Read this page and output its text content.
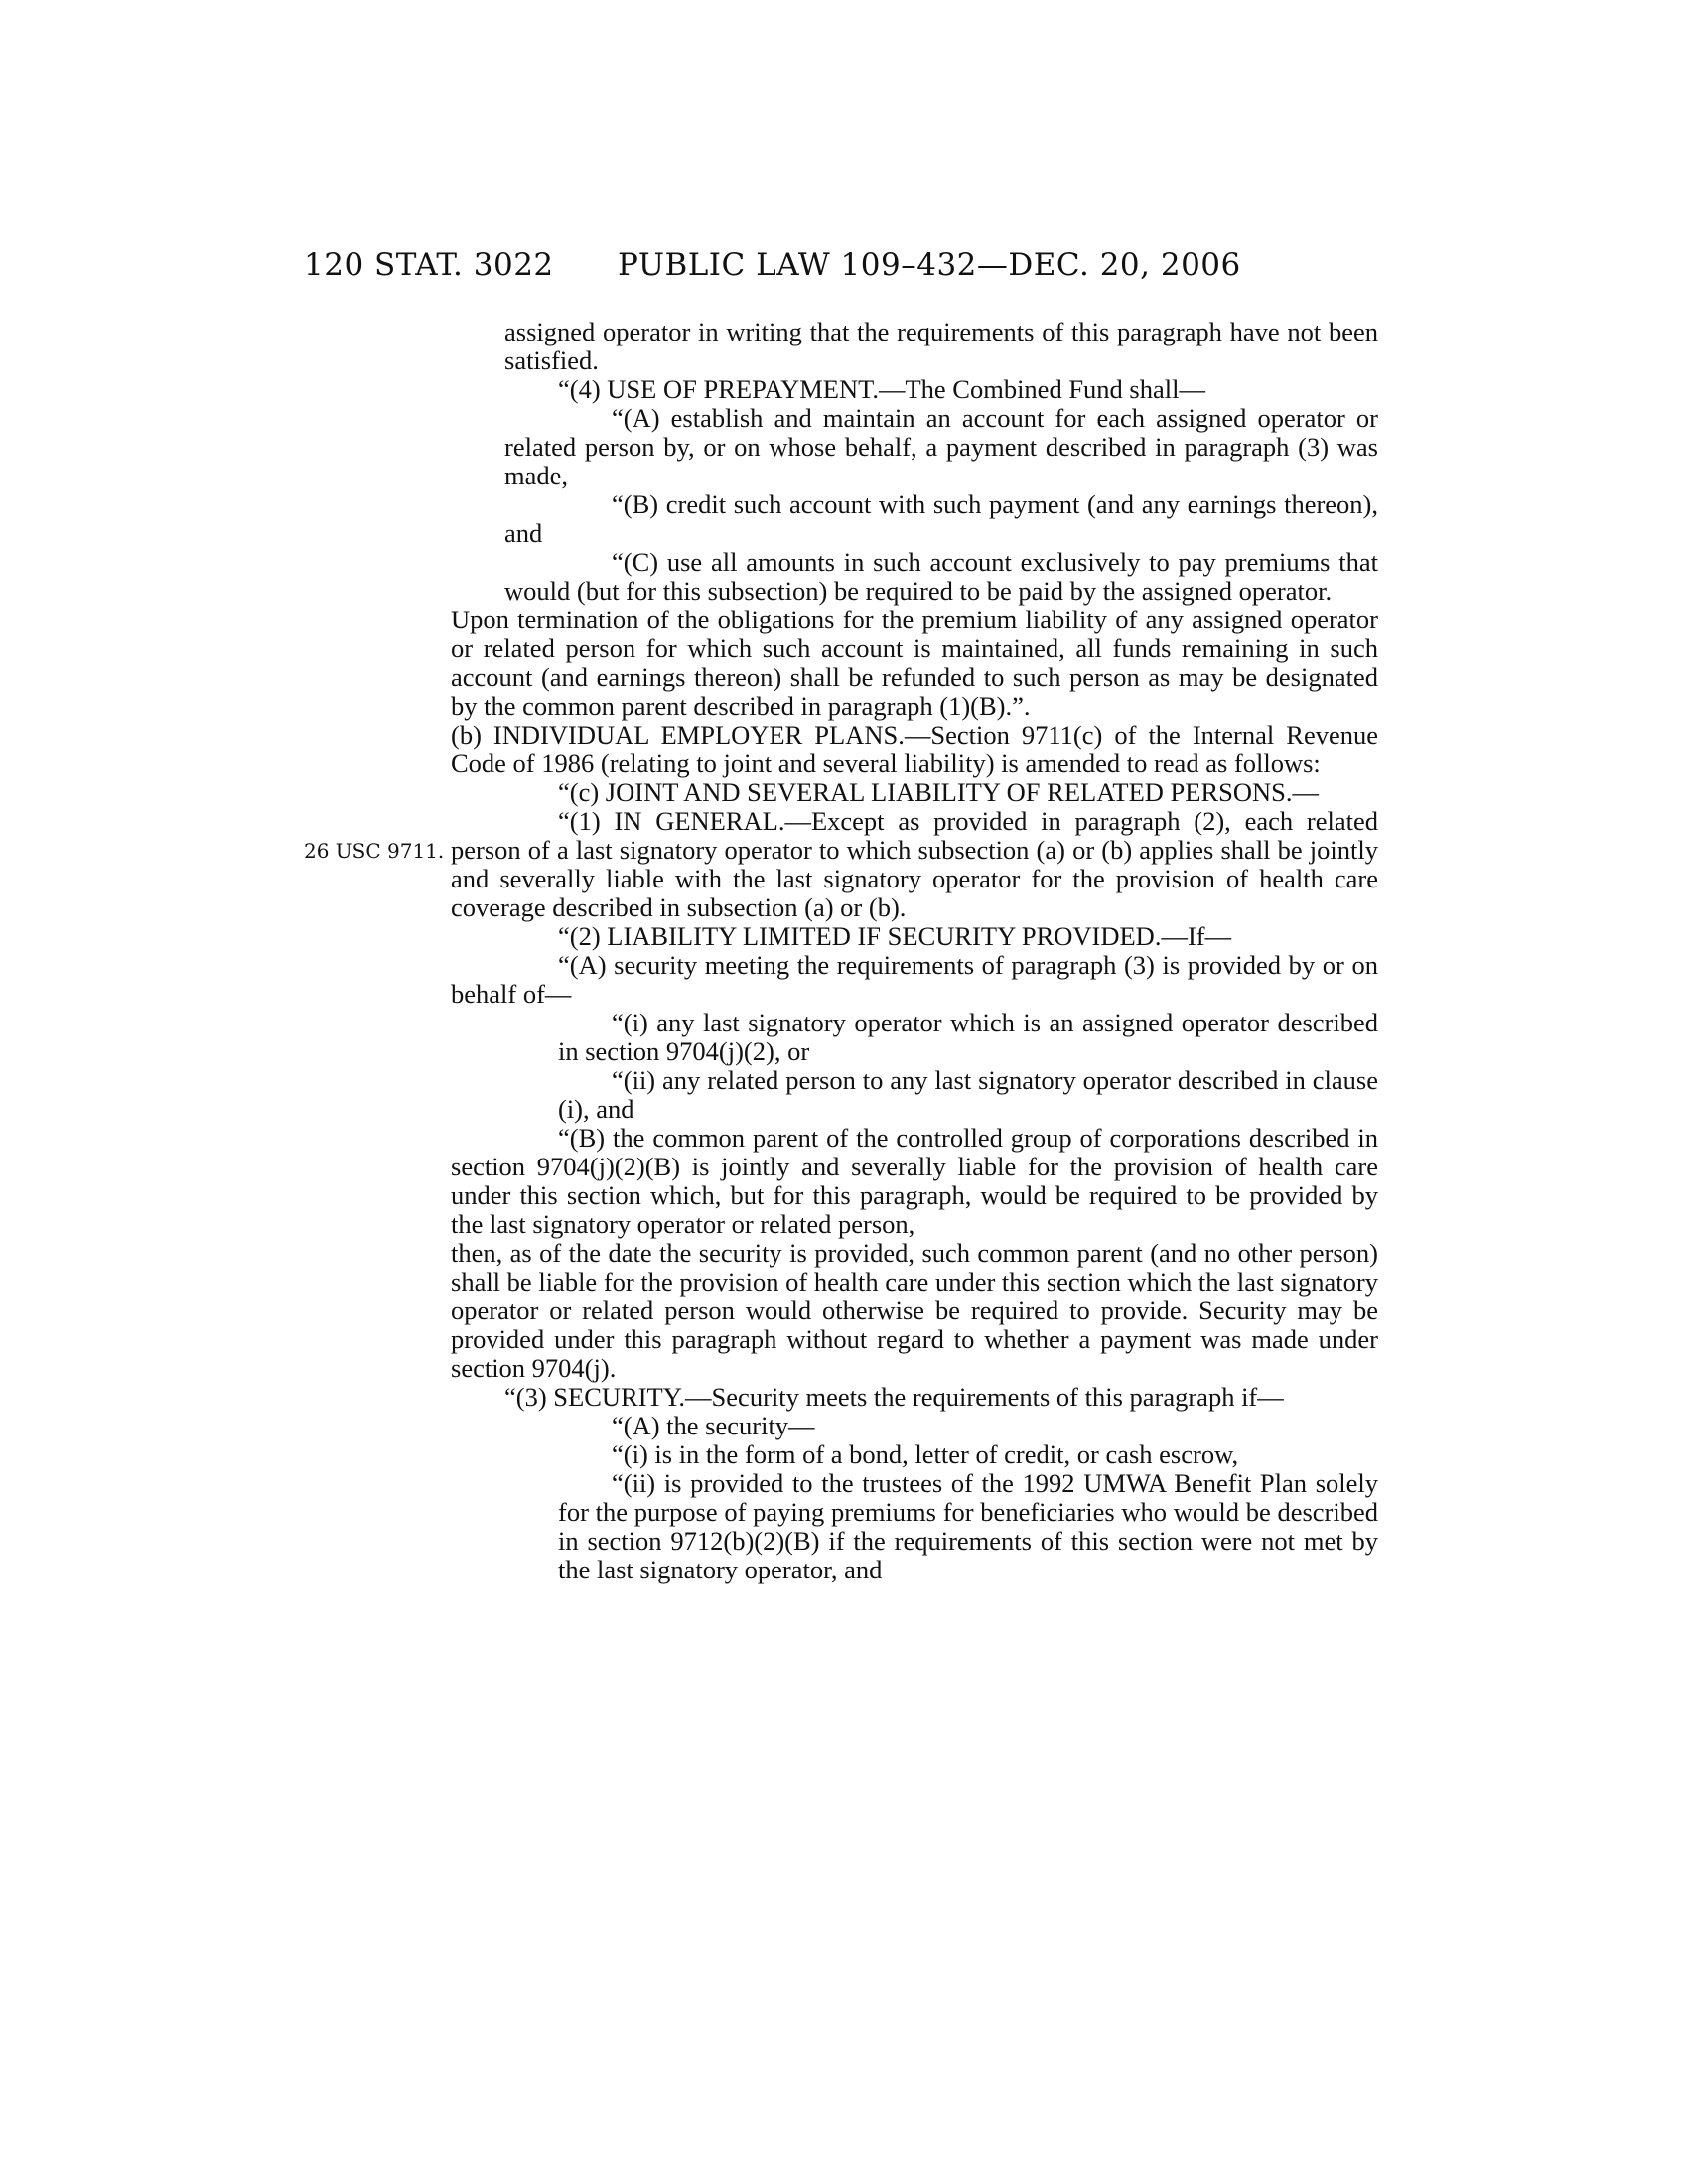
120 STAT. 3022 PUBLIC LAW 109–432—DEC. 20, 2006
26 USC 9711.

assigned operator in writing that the requirements of this paragraph have not been satisfied.

“(4) USE OF PREPAYMENT.—The Combined Fund shall—

“(A) establish and maintain an account for each assigned operator or related person by, or on whose behalf, a payment described in paragraph (3) was made,

“(B) credit such account with such payment (and any earnings thereon), and

“(C) use all amounts in such account exclusively to pay premiums that would (but for this subsection) be required to be paid by the assigned operator.

Upon termination of the obligations for the premium liability of any assigned operator or related person for which such account is maintained, all funds remaining in such account (and earnings thereon) shall be refunded to such person as may be designated by the common parent described in paragraph (1)(B).”.

(b) INDIVIDUAL EMPLOYER PLANS.—Section 9711(c) of the Internal Revenue Code of 1986 (relating to joint and several liability) is amended to read as follows:

“(c) JOINT AND SEVERAL LIABILITY OF RELATED PERSONS.—

“(1) IN GENERAL.—Except as provided in paragraph (2), each related person of a last signatory operator to which subsection (a) or (b) applies shall be jointly and severally liable with the last signatory operator for the provision of health care coverage described in subsection (a) or (b).

“(2) LIABILITY LIMITED IF SECURITY PROVIDED.—If—

“(A) security meeting the requirements of paragraph (3) is provided by or on behalf of—

“(i) any last signatory operator which is an assigned operator described in section 9704(j)(2), or

“(ii) any related person to any last signatory operator described in clause (i), and

“(B) the common parent of the controlled group of corporations described in section 9704(j)(2)(B) is jointly and severally liable for the provision of health care under this section which, but for this paragraph, would be required to be provided by the last signatory operator or related person,

then, as of the date the security is provided, such common parent (and no other person) shall be liable for the provision of health care under this section which the last signatory operator or related person would otherwise be required to provide. Security may be provided under this paragraph without regard to whether a payment was made under section 9704(j).

“(3) SECURITY.—Security meets the requirements of this paragraph if—

“(A) the security—

“(i) is in the form of a bond, letter of credit, or cash escrow,

“(ii) is provided to the trustees of the 1992 UMWA Benefit Plan solely for the purpose of paying premiums for beneficiaries who would be described in section 9712(b)(2)(B) if the requirements of this section were not met by the last signatory operator, and
